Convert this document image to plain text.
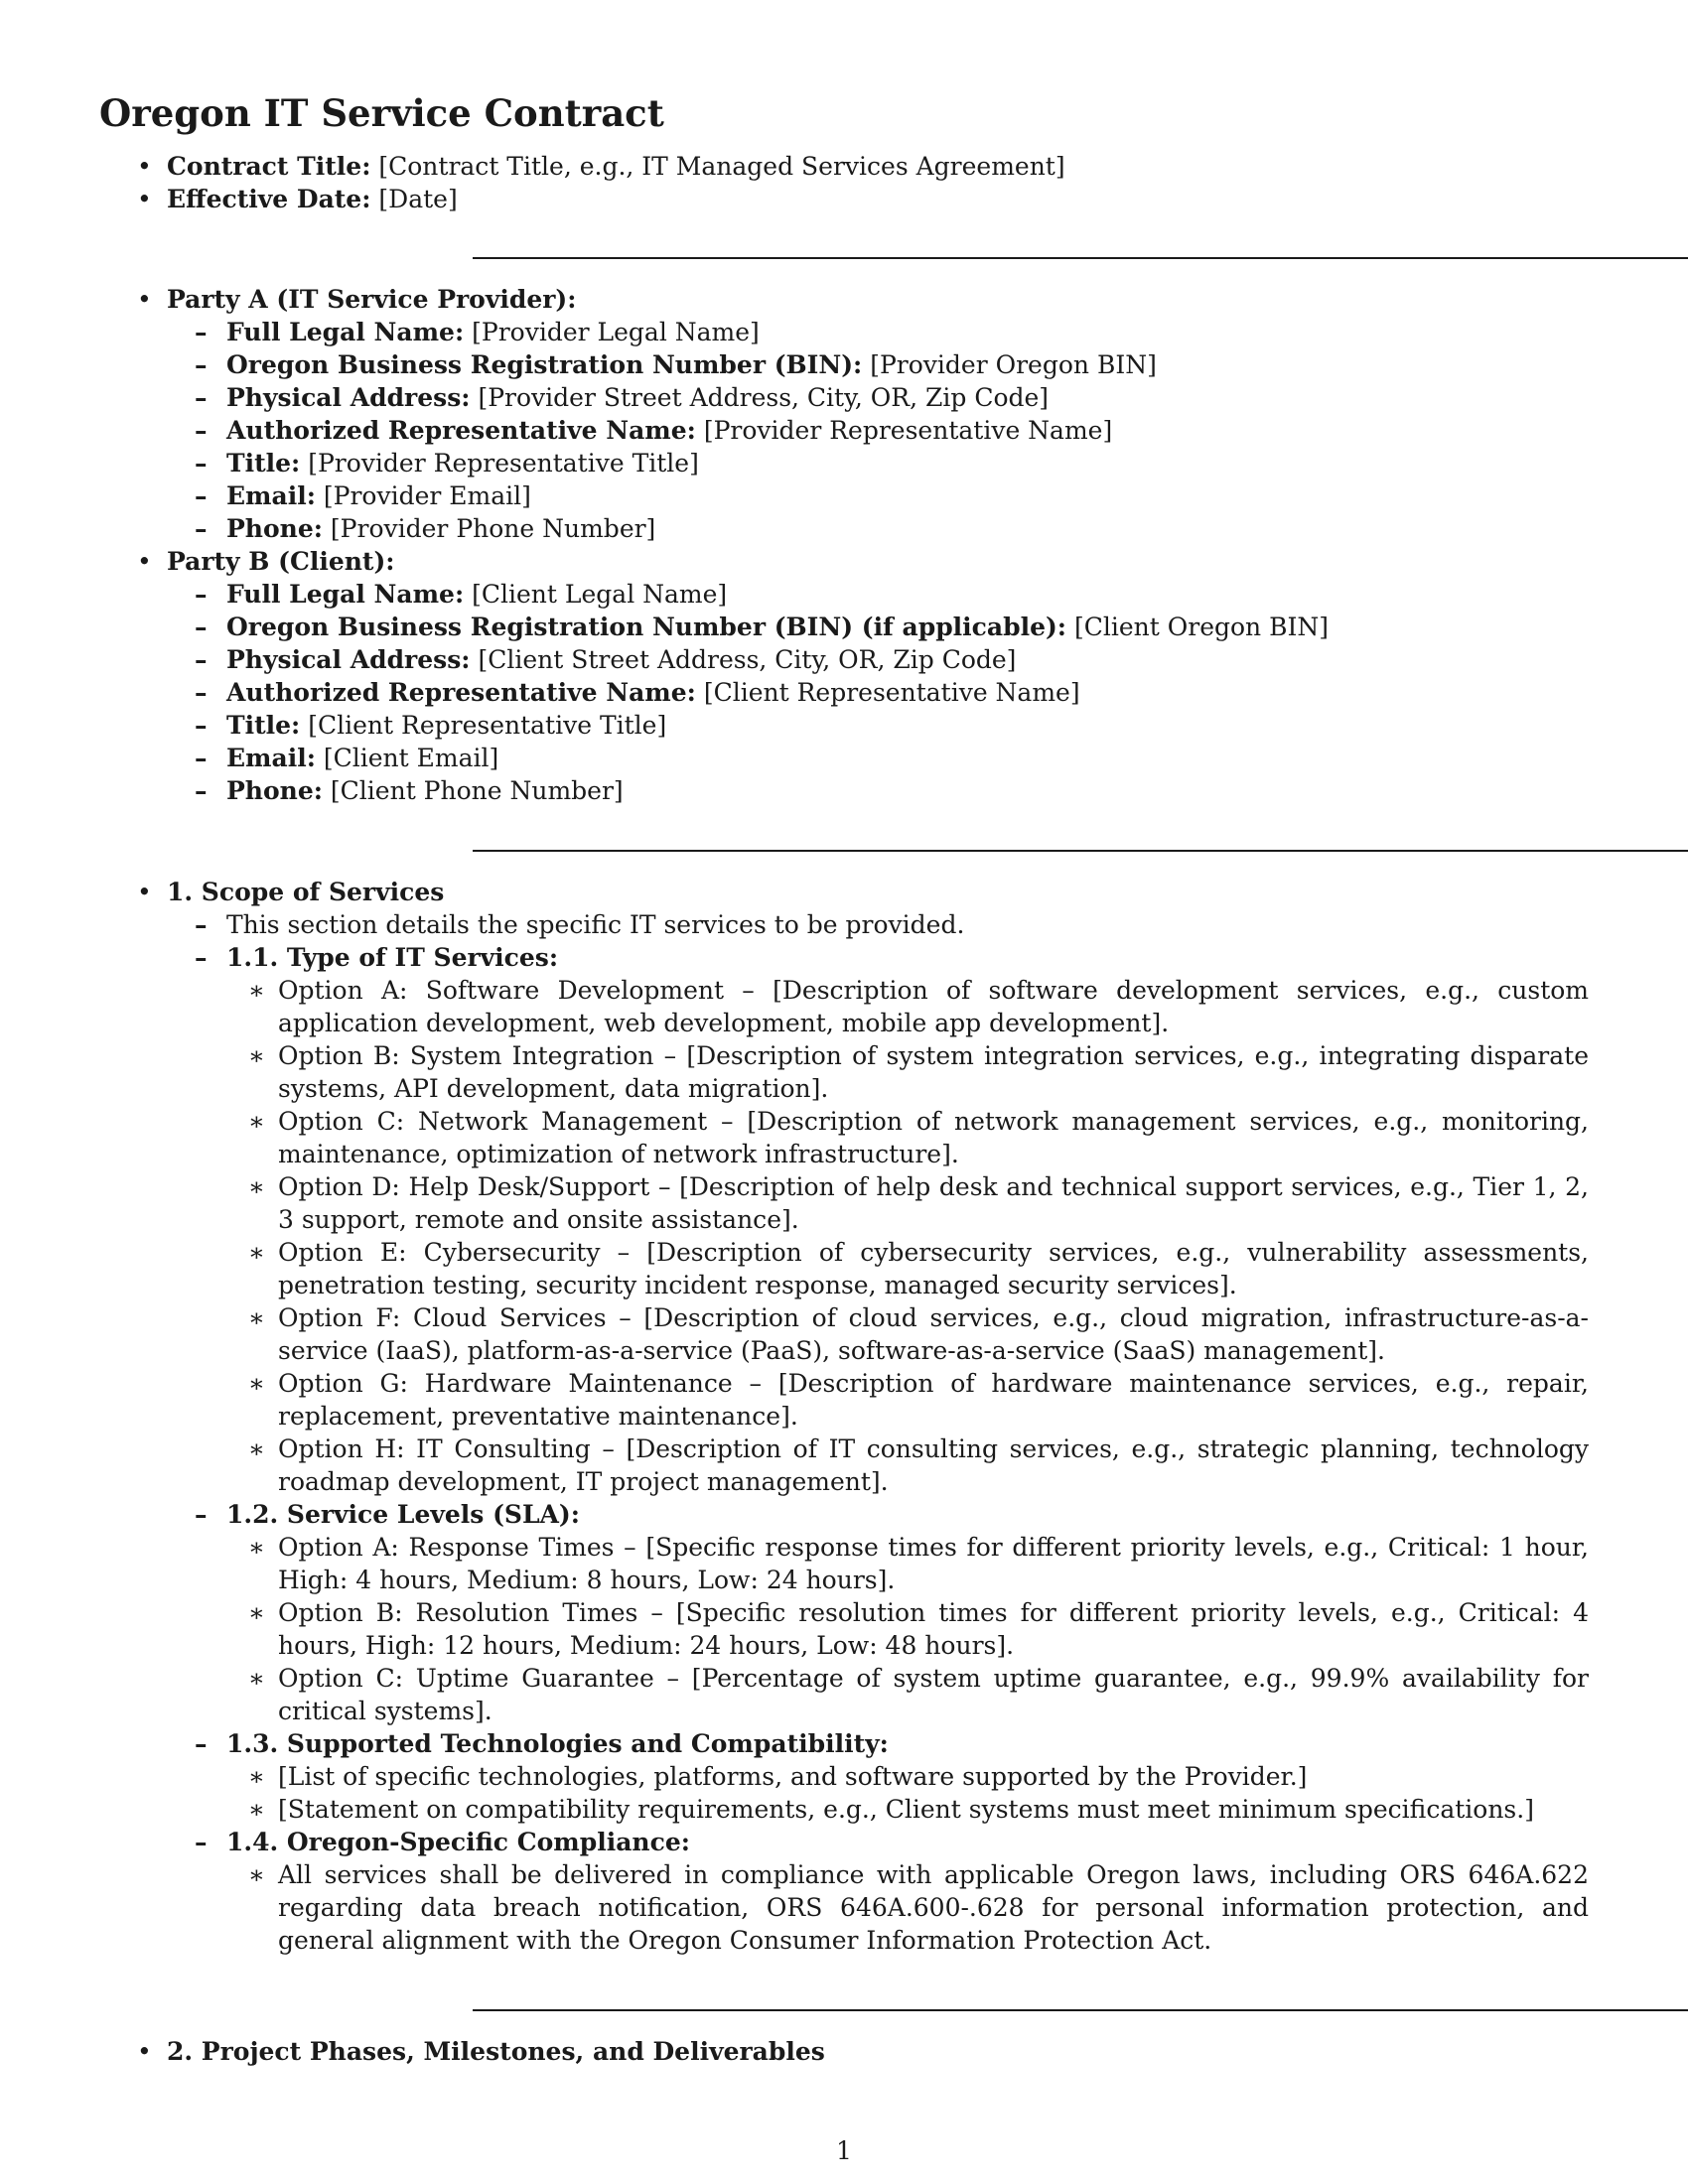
Oregon IT Service Contract
• Contract Title: [Contract Title, e.g., IT Managed Services Agreement]
• Effective Date: [Date]
• Party A (IT Service Provider):
– Full Legal Name: [Provider Legal Name]
– Oregon Business Registration Number (BIN): [Provider Oregon BIN]
– Physical Address: [Provider Street Address, City, OR, Zip Code]
– Authorized Representative Name: [Provider Representative Name]
– Title: [Provider Representative Title]
– Email: [Provider Email]
– Phone: [Provider Phone Number]
• Party B (Client):
– Full Legal Name: [Client Legal Name]
– Oregon Business Registration Number (BIN) (if applicable): [Client Oregon BIN]
– Physical Address: [Client Street Address, City, OR, Zip Code]
– Authorized Representative Name: [Client Representative Name]
– Title: [Client Representative Title]
– Email: [Client Email]
– Phone: [Client Phone Number]
• 1. Scope of Services
– This section details the specific IT services to be provided.
– 1.1. Type of IT Services:
∗ Option A: Software Development – [Description of software development services, e.g., custom application development, web development, mobile app development].
∗ Option B: System Integration – [Description of system integration services, e.g., integrating disparate systems, API development, data migration].
∗ Option C: Network Management – [Description of network management services, e.g., monitoring, maintenance, optimization of network infrastructure].
∗ Option D: Help Desk/Support – [Description of help desk and technical support services, e.g., Tier 1, 2, 3 support, remote and onsite assistance].
∗ Option E: Cybersecurity – [Description of cybersecurity services, e.g., vulnerability assessments, penetration testing, security incident response, managed security services].
∗ Option F: Cloud Services – [Description of cloud services, e.g., cloud migration, infrastructure-as-a-service (IaaS), platform-as-a-service (PaaS), software-as-a-service (SaaS) management].
∗ Option G: Hardware Maintenance – [Description of hardware maintenance services, e.g., repair, replacement, preventative maintenance].
∗ Option H: IT Consulting – [Description of IT consulting services, e.g., strategic planning, technology roadmap development, IT project management].
– 1.2. Service Levels (SLA):
∗ Option A: Response Times – [Specific response times for different priority levels, e.g., Critical: 1 hour, High: 4 hours, Medium: 8 hours, Low: 24 hours].
∗ Option B: Resolution Times – [Specific resolution times for different priority levels, e.g., Critical: 4 hours, High: 12 hours, Medium: 24 hours, Low: 48 hours].
∗ Option C: Uptime Guarantee – [Percentage of system uptime guarantee, e.g., 99.9% availability for critical systems].
– 1.3. Supported Technologies and Compatibility:
∗ [List of specific technologies, platforms, and software supported by the Provider.]
∗ [Statement on compatibility requirements, e.g., Client systems must meet minimum specifications.]
– 1.4. Oregon-Specific Compliance:
∗ All services shall be delivered in compliance with applicable Oregon laws, including ORS 646A.622 regarding data breach notification, ORS 646A.600-.628 for personal information protection, and general alignment with the Oregon Consumer Information Protection Act.
• 2. Project Phases, Milestones, and Deliverables
1
